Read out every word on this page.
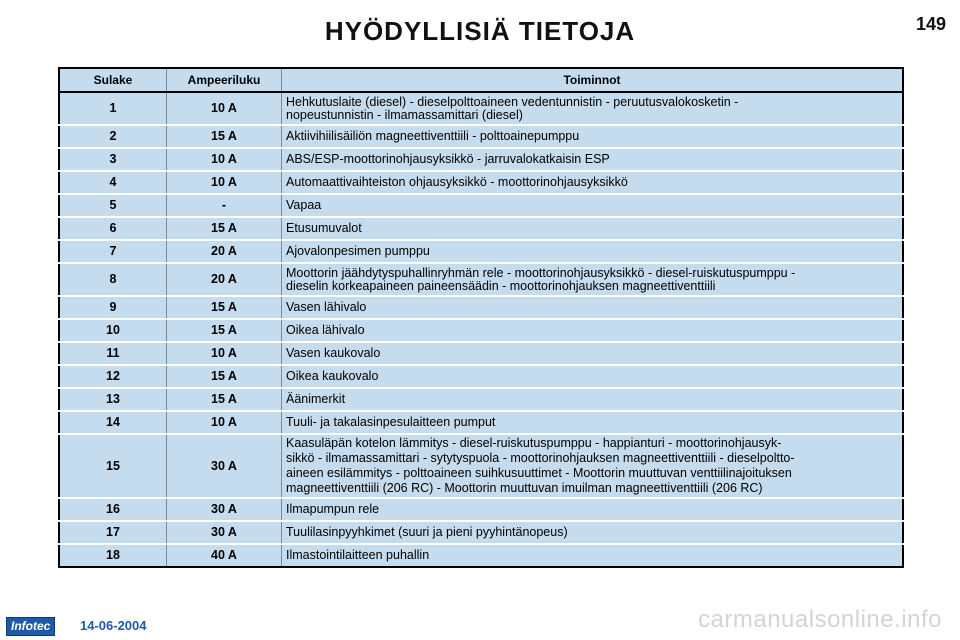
HYÖDYLLISIÄ TIETOJA	149
Sulake	Ampeeriluku	Toiminnot
1	10 A	Hehkutuslaite (diesel) - dieselpolttoaineen vedentunnistin - peruutusvalokosketin -
nopeustunnistin - ilmamassamittari (diesel)

2	15 A	Aktiivihiilisäiliön magneettiventtiili - polttoainepumppu

3	10 A	ABS/ESP-moottorinohjausyksikkö - jarruvalokatkaisin ESP

4	10 A	Automaattivaihteiston ohjausyksikkö - moottorinohjausyksikkö

5	-	Vapaa

6	15 A	Etusumuvalot

7	20 A	Ajovalonpesimen pumppu

8	20 A	Moottorin jäähdytyspuhallinryhmän rele - moottorinohjausyksikkö - diesel-ruiskutuspumppu -
dieselin korkeapaineen paineensäädin - moottorinohjauksen magneettiventtiili

9	15 A	Vasen lähivalo

10	15 A	Oikea lähivalo

11	10 A	Vasen kaukovalo

12	15 A	Oikea kaukovalo

13	15 A	Äänimerkit

14	10 A	Tuuli- ja takalasinpesulaitteen pumput

15	30 A	Kaasuläpän kotelon lämmitys - diesel-ruiskutuspumppu - happianturi - moottorinohjausyk-
sikkö - ilmamassamittari - sytytyspuola - moottorinohjauksen magneettiventtiili - dieselpoltto-
aineen esilämmitys - polttoaineen suihkusuuttimet - Moottorin muuttuvan venttiilinajoituksen
magneettiventtiili (206 RC) - Moottorin muuttuvan imuilman magneettiventtiili (206 RC)

16	30 A	Ilmapumpun rele

17	30 A	Tuulilasinpyyhkimet (suuri ja pieni pyyhintänopeus)

18	40 A	Ilmastointilaitteen puhallin
Infotec	14-06-2004	carmanualsonline.info
